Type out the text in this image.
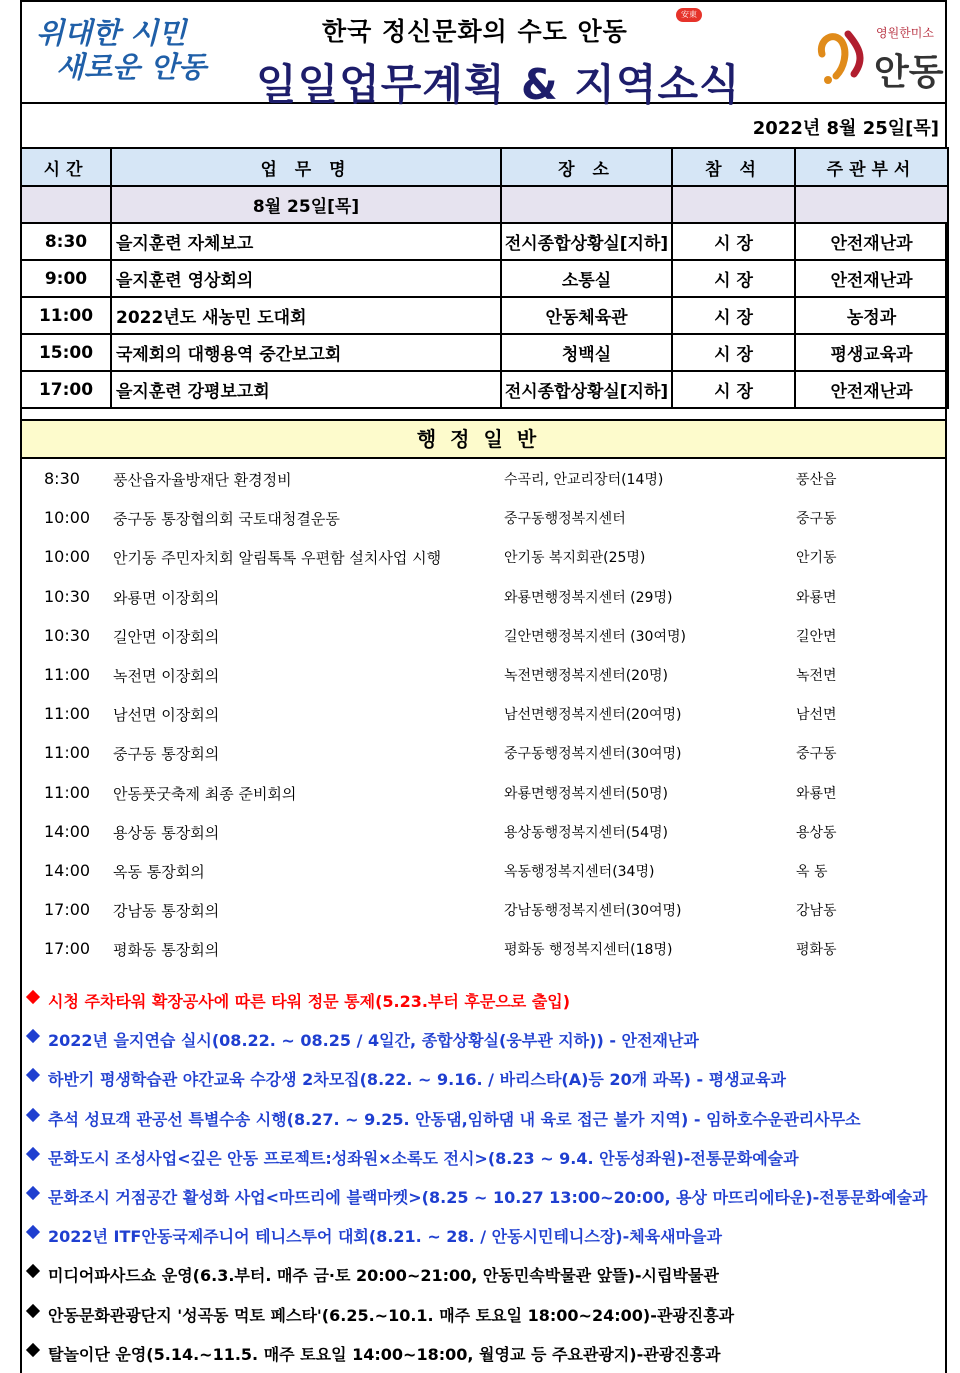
위대한 시민
새로운 안동
한국 정신문화의 수도 안동
安東
일일업무계획 & 지역소식
영원한미소
안동
2022년 8월 25일[목]
시간	업 무 명	장 소	참 석	주관부서
	8월 25일[목]			
8:30	을지훈련 자체보고	전시종합상황실[지하]	시 장	안전재난과
9:00	을지훈련 영상회의	소통실	시 장	안전재난과
11:00	2022년도 새농민 도대회	안동체육관	시 장	농정과
15:00	국제회의 대행용역 중간보고회	청백실	시 장	평생교육과
17:00	을지훈련 강평보고회	전시종합상황실[지하]	시 장	안전재난과
행정일반
8:30 풍산읍자율방재단 환경정비	수곡리, 안교리장터(14명)	풍산읍
10:00 중구동 통장협의회 국토대청결운동	중구동행정복지센터	중구동
10:00 안기동 주민자치회 알림톡톡 우편함 설치사업 시행	안기동 복지회관(25명)	안기동
10:30 와룡면 이장회의	와룡면행정복지센터 (29명)	와룡면
10:30 길안면 이장회의	길안면행정복지센터 (30여명)	길안면
11:00 녹전면 이장회의	녹전면행정복지센터(20명)	녹전면
11:00 남선면 이장회의	남선면행정복지센터(20여명)	남선면
11:00 중구동 통장회의	중구동행정복지센터(30여명)	중구동
11:00 안동풋굿축제 최종 준비회의	와룡면행정복지센터(50명)	와룡면
14:00 용상동 통장회의	용상동행정복지센터(54명)	용상동
14:00 옥동 통장회의	옥동행정복지센터(34명)	옥 동
17:00 강남동 통장회의	강남동행정복지센터(30여명)	강남동
17:00 평화동 통장회의	평화동 행정복지센터(18명)	평화동
시청 주차타워 확장공사에 따른 타워 정문 통제(5.23.부터 후문으로 출입)
2022년 을지연습 실시(08.22. ~ 08.25 / 4일간, 종합상황실(웅부관 지하)) - 안전재난과
하반기 평생학습관 야간교육 수강생 2차모집(8.22. ~ 9.16. / 바리스타(A)등 20개 과목) - 평생교육과
추석 성묘객 관공선 특별수송 시행(8.27. ~ 9.25. 안동댐,임하댐 내 육로 접근 불가 지역) - 임하호수운관리사무소
문화도시 조성사업<깊은 안동 프로젝트:성좌원×소록도 전시>(8.23 ~ 9.4. 안동성좌원)-전통문화예술과
문화조시 거점공간 활성화 사업<마뜨리에 블랙마켓>(8.25 ~ 10.27 13:00~20:00, 용상 마뜨리에타운)-전통문화예술과
2022년 ITF안동국제주니어 테니스투어 대회(8.21. ~ 28. / 안동시민테니스장)-체육새마을과
미디어파사드쇼 운영(6.3.부터. 매주 금·토 20:00~21:00, 안동민속박물관 앞뜰)-시립박물관
안동문화관광단지 '성곡동 먹토 페스타'(6.25.~10.1. 매주 토요일 18:00~24:00)-관광진흥과
탈놀이단 운영(5.14.~11.5. 매주 토요일 14:00~18:00, 월영교 등 주요관광지)-관광진흥과
